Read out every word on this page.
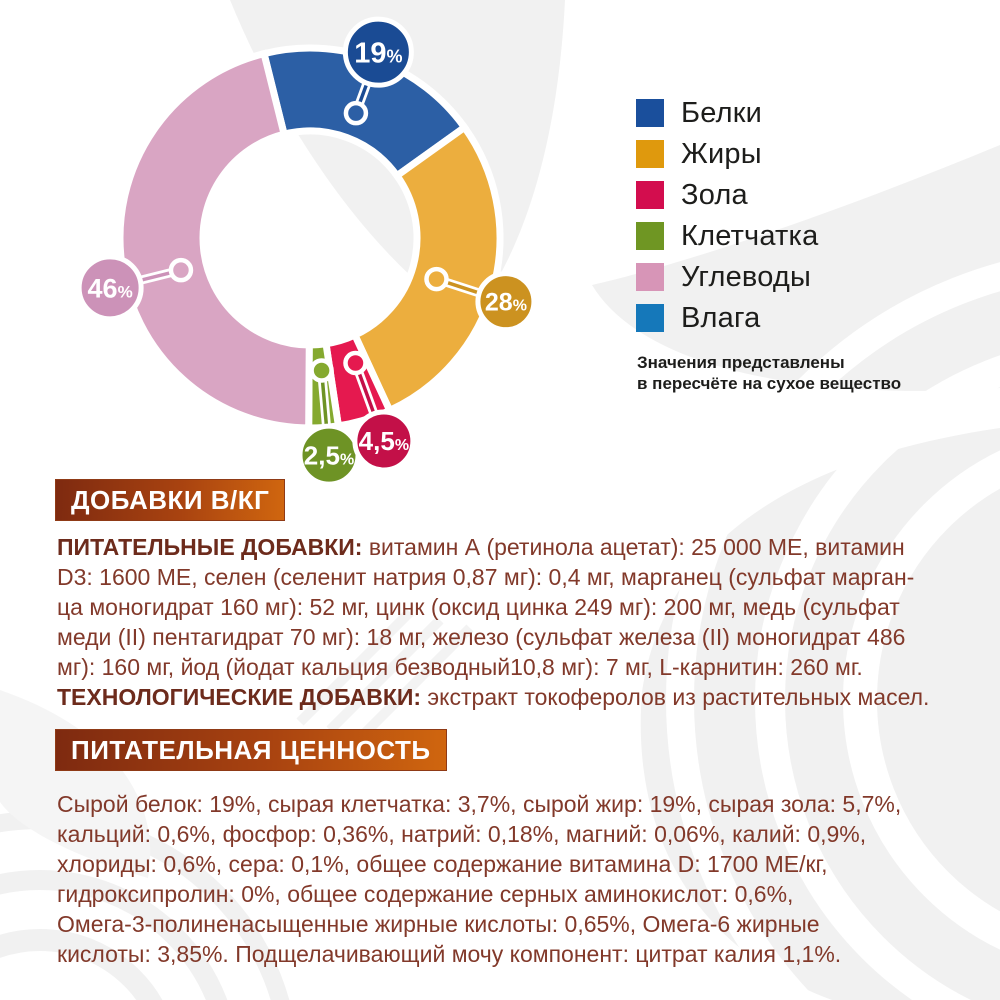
46%
2,5%
4,5%
28%
19%
Белки
Жиры
Зола
Клетчатка
Углеводы
Влага
Значения представлены
в пересчёте на сухое вещество
ДОБАВКИ В/КГ
ПИТАТЕЛЬНЫЕ ДОБАВКИ: витамин А (ретинола ацетат): 25 000 МЕ, витамин
D3: 1600 МЕ, селен (селенит натрия 0,87 мг): 0,4 мг, марганец (сульфат марган-
ца моногидрат 160 мг): 52 мг, цинк (оксид цинка 249 мг): 200 мг, медь (сульфат
меди (II) пентагидрат 70 мг): 18 мг, железо (сульфат железа (II) моногидрат 486
мг): 160 мг, йод (йодат кальция безводный10,8 мг): 7 мг, L-карнитин: 260 мг.
ТЕХНОЛОГИЧЕСКИЕ ДОБАВКИ: экстракт токоферолов из растительных масел.
ПИТАТЕЛЬНАЯ ЦЕННОСТЬ
Сырой белок: 19%, сырая клетчатка: 3,7%, сырой жир: 19%, сырая зола: 5,7%,
кальций: 0,6%, фосфор: 0,36%, натрий: 0,18%, магний: 0,06%, калий: 0,9%,
хлориды: 0,6%, сера: 0,1%, общее содержание витамина D: 1700 МЕ/кг,
гидроксипролин: 0%, общее содержание серных аминокислот: 0,6%,
Омега-3-полиненасыщенные жирные кислоты: 0,65%, Омега-6 жирные
кислоты: 3,85%. Подщелачивающий мочу компонент: цитрат калия 1,1%.
